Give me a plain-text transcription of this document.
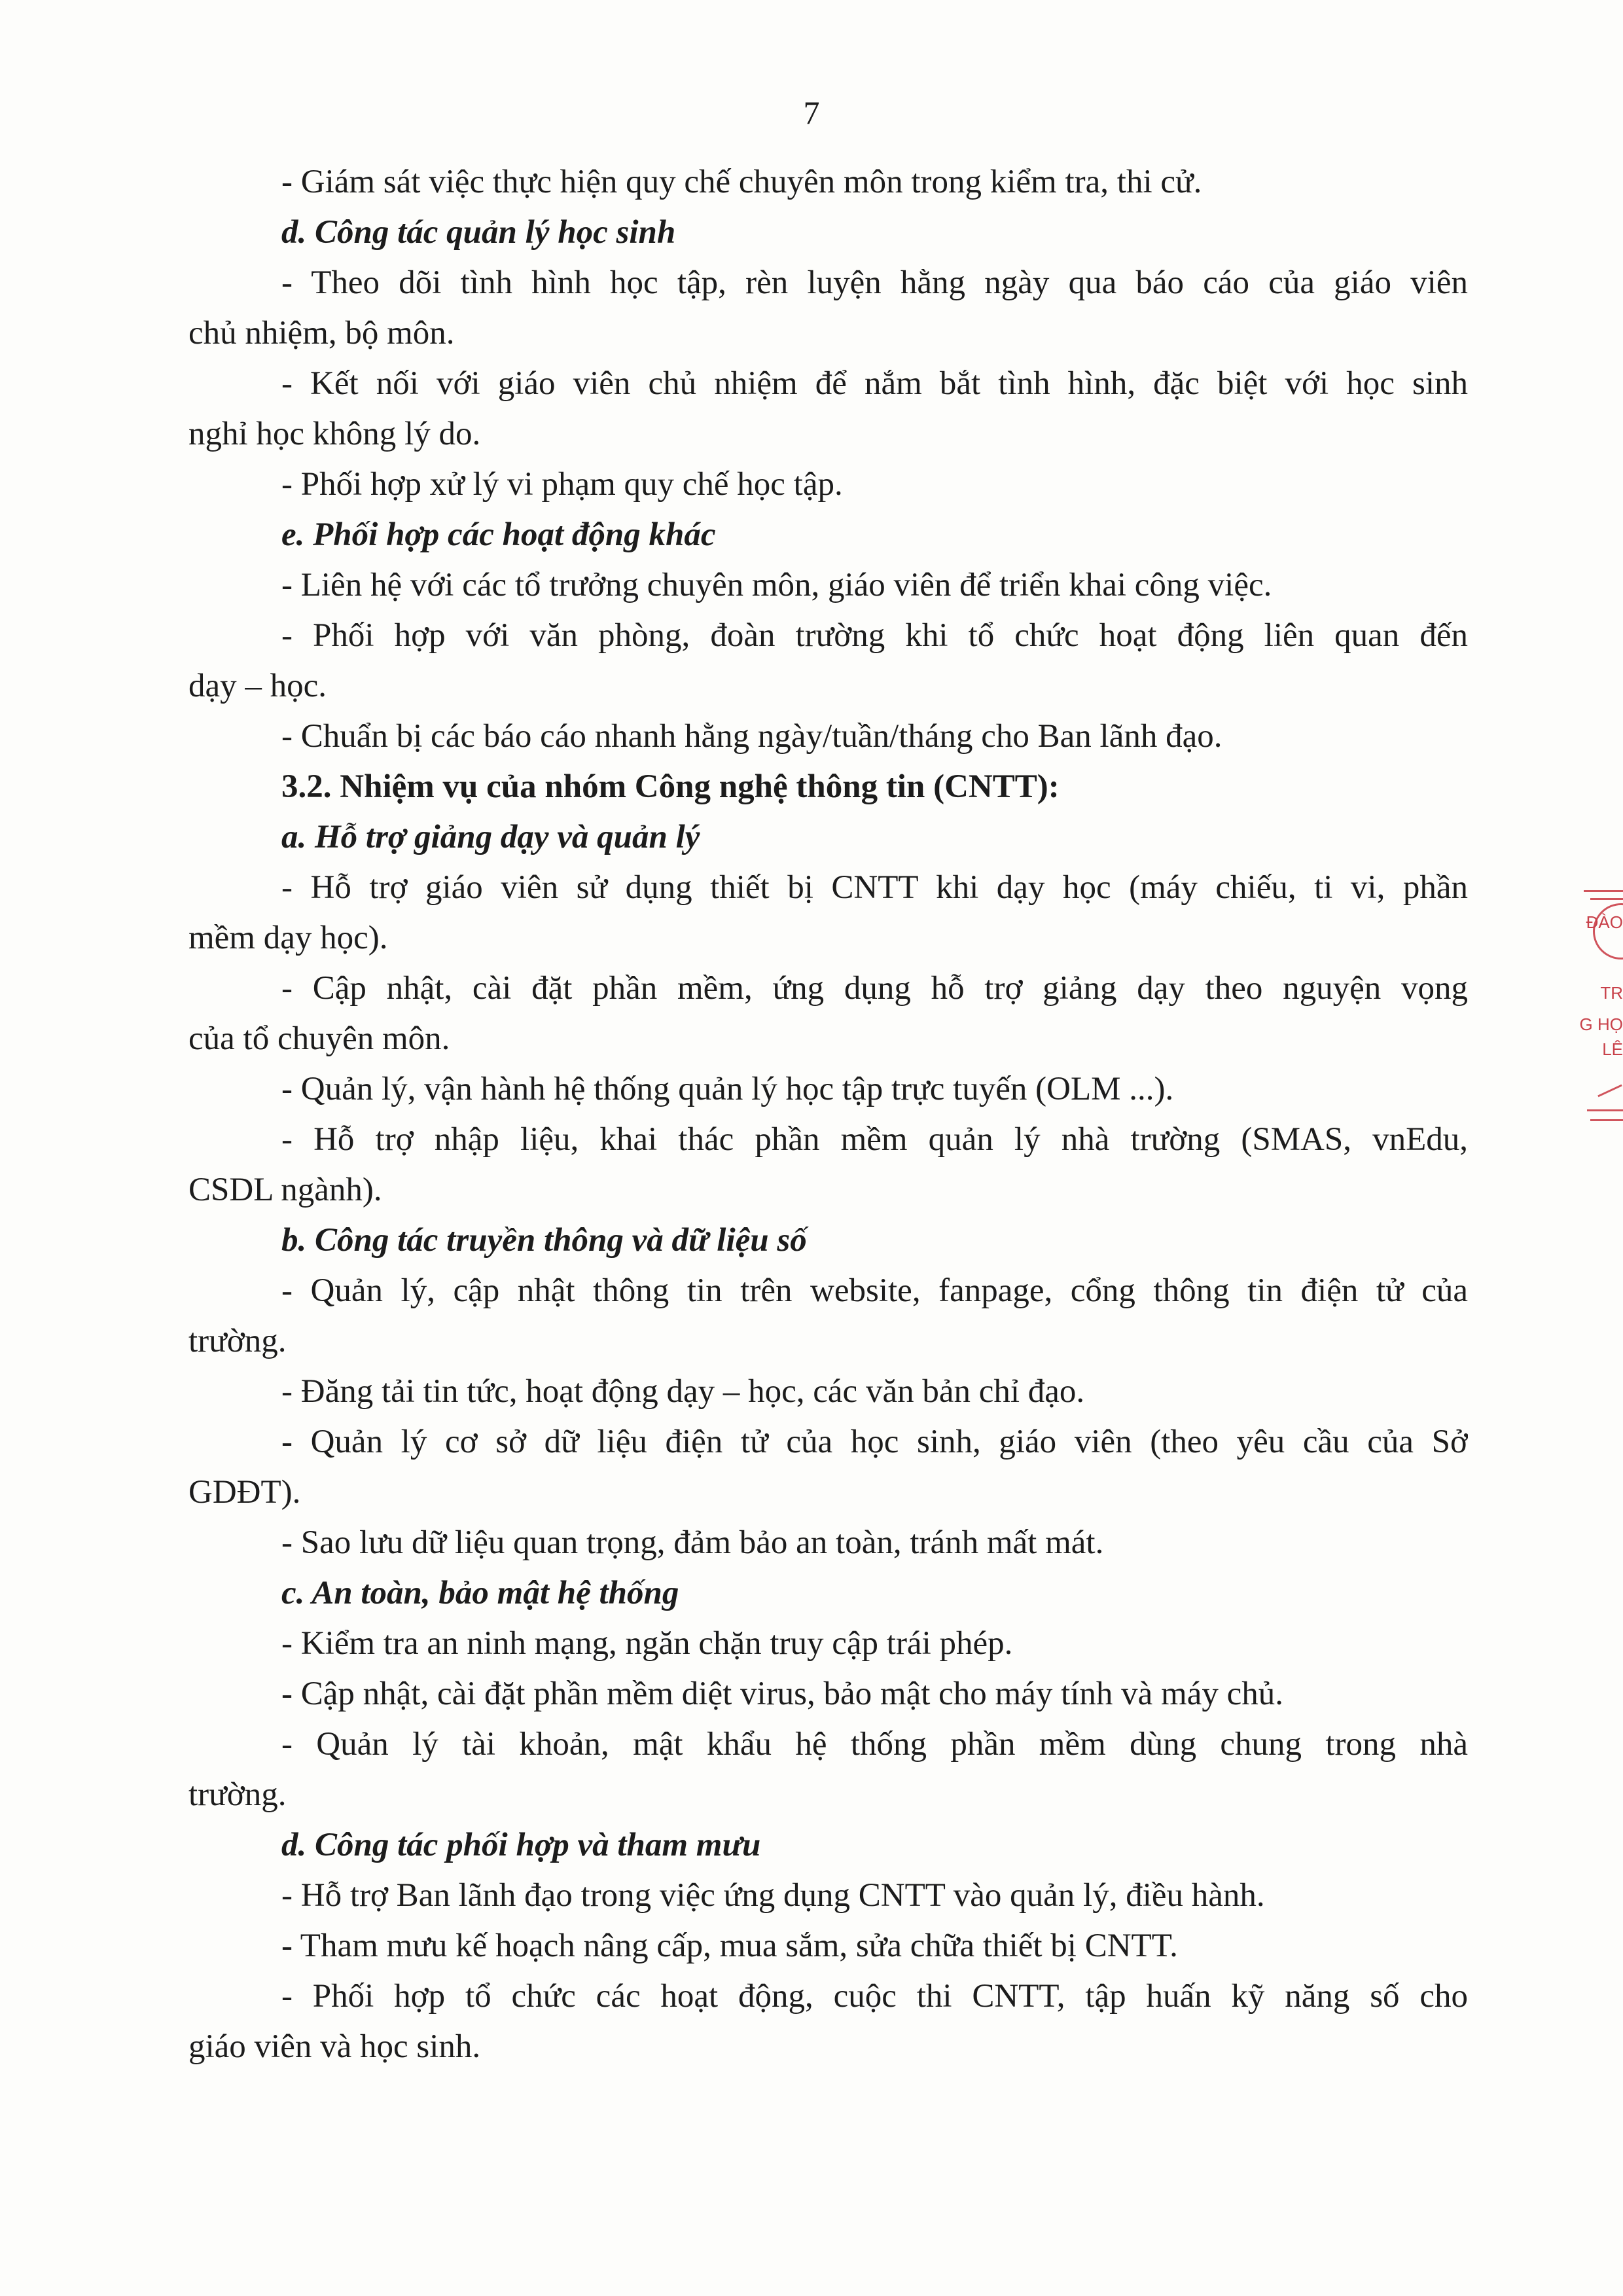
7
- Giám sát việc thực hiện quy chế chuyên môn trong kiểm tra, thi cử.
d. Công tác quản lý học sinh
- Theo dõi tình hình học tập, rèn luyện hằng ngày qua báo cáo của giáo viên
chủ nhiệm, bộ môn.
- Kết nối với giáo viên chủ nhiệm để nắm bắt tình hình, đặc biệt với học sinh
nghỉ học không lý do.
- Phối hợp xử lý vi phạm quy chế học tập.
e. Phối hợp các hoạt động khác
- Liên hệ với các tổ trưởng chuyên môn, giáo viên để triển khai công việc.
- Phối hợp với văn phòng, đoàn trường khi tổ chức hoạt động liên quan đến
dạy – học.
- Chuẩn bị các báo cáo nhanh hằng ngày/tuần/tháng cho Ban lãnh đạo.
3.2. Nhiệm vụ của nhóm Công nghệ thông tin (CNTT):
a. Hỗ trợ giảng dạy và quản lý
- Hỗ trợ giáo viên sử dụng thiết bị CNTT khi dạy học (máy chiếu, ti vi, phần
mềm dạy học).
- Cập nhật, cài đặt phần mềm, ứng dụng hỗ trợ giảng dạy theo nguyện vọng
của tổ chuyên môn.
- Quản lý, vận hành hệ thống quản lý học tập trực tuyến (OLM ...).
- Hỗ trợ nhập liệu, khai thác phần mềm quản lý nhà trường (SMAS, vnEdu,
CSDL ngành).
b. Công tác truyền thông và dữ liệu số
- Quản lý, cập nhật thông tin trên website, fanpage, cổng thông tin điện tử của
trường.
- Đăng tải tin tức, hoạt động dạy – học, các văn bản chỉ đạo.
- Quản lý cơ sở dữ liệu điện tử của học sinh, giáo viên (theo yêu cầu của Sở
GDĐT).
- Sao lưu dữ liệu quan trọng, đảm bảo an toàn, tránh mất mát.
c. An toàn, bảo mật hệ thống
- Kiểm tra an ninh mạng, ngăn chặn truy cập trái phép.
- Cập nhật, cài đặt phần mềm diệt virus, bảo mật cho máy tính và máy chủ.
- Quản lý tài khoản, mật khẩu hệ thống phần mềm dùng chung trong nhà
trường.
d. Công tác phối hợp và tham mưu
- Hỗ trợ Ban lãnh đạo trong việc ứng dụng CNTT vào quản lý, điều hành.
- Tham mưu kế hoạch nâng cấp, mua sắm, sửa chữa thiết bị CNTT.
- Phối hợp tổ chức các hoạt động, cuộc thi CNTT, tập huấn kỹ năng số cho
giáo viên và học sinh.
ĐÀO
TR
G HỌ
LÊ
